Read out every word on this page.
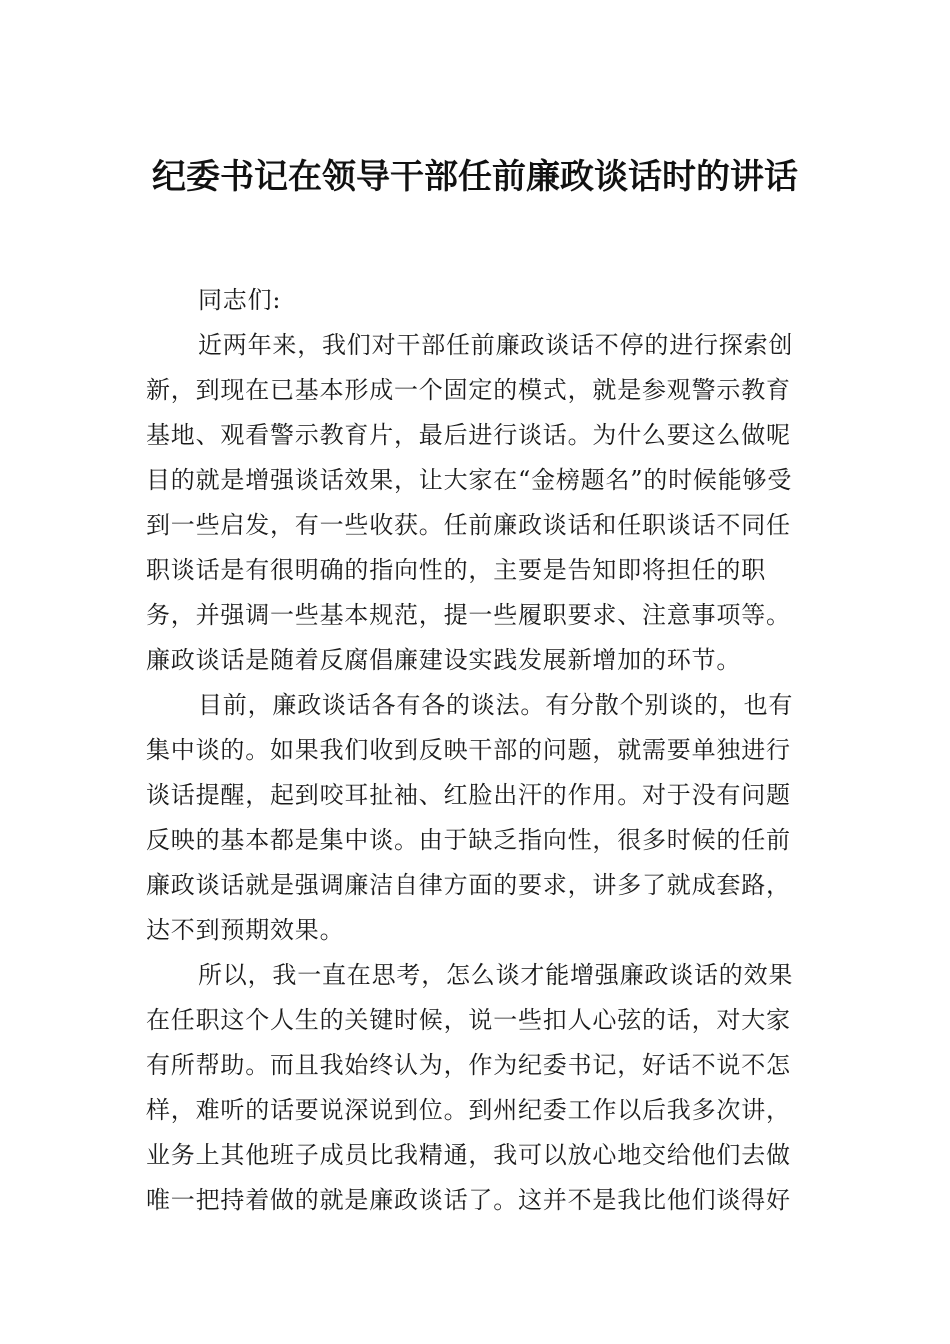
纪委书记在领导干部任前廉政谈话时的讲话

同志们:

近两年来，我们对干部任前廉政谈话不停的进行探索创新，到现在已基本形成一个固定的模式，就是参观警示教育基地、观看警示教育片，最后进行谈话。为什么要这么做呢目的就是增强谈话效果，让大家在“金榜题名”的时候能够受到一些启发，有一些收获。任前廉政谈话和任职谈话不同任职谈话是有很明确的指向性的，主要是告知即将担任的职务，并强调一些基本规范，提一些履职要求、注意事项等。廉政谈话是随着反腐倡廉建设实践发展新增加的环节。

目前，廉政谈话各有各的谈法。有分散个别谈的，也有集中谈的。如果我们收到反映干部的问题，就需要单独进行谈话提醒，起到咬耳扯袖、红脸出汗的作用。对于没有问题反映的基本都是集中谈。由于缺乏指向性，很多时候的任前廉政谈话就是强调廉洁自律方面的要求，讲多了就成套路，达不到预期效果。

所以，我一直在思考，怎么谈才能增强廉政谈话的效果在任职这个人生的关键时候，说一些扣人心弦的话，对大家有所帮助。而且我始终认为，作为纪委书记，好话不说不怎样，难听的话要说深说到位。到州纪委工作以后我多次讲，业务上其他班子成员比我精通，我可以放心地交给他们去做唯一把持着做的就是廉政谈话了。这并不是我比他们谈得好
